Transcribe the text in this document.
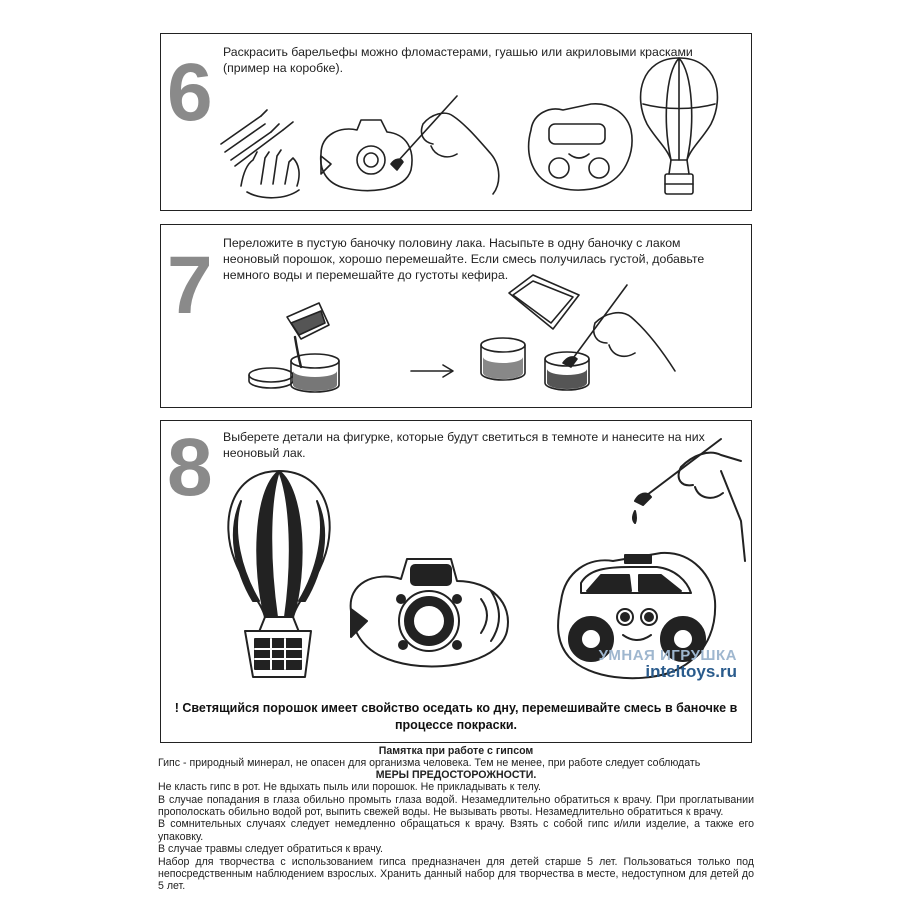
6 Раскрасить барельефы можно фломастерами, гуашью или акриловыми красками (пример на коробке).
7 Переложите в пустую баночку половину лака. Насыпьте в одну баночку с лаком неоновый порошок, хорошо перемешайте. Если смесь получилась густой, добавьте немного воды и перемешайте до густоты кефира.
8 Выберете детали на фигурке, которые будут светиться в темноте и нанесите на них неоновый лак.
УМНАЯ ИГРУШКА
inteltoys.ru
! Светящийся порошок имеет свойство оседать ко дну, перемешивайте смесь в баночке в процессе покраски.
Памятка при работе с гипсом

Гипс - природный минерал, не опасен для организма человека. Тем не менее, при работе следует соблюдать

МЕРЫ ПРЕДОСТОРОЖНОСТИ.

Не класть гипс в рот. Не вдыхать пыль или порошок. Не прикладывать к телу.

В случае попадания в глаза обильно промыть глаза водой. Незамедлительно обратиться к врачу. При проглатывании прополоскать обильно водой рот, выпить свежей воды. Не вызывать рвоты. Незамедлительно обратиться к врачу.

В сомнительных случаях следует немедленно обращаться к врачу. Взять с собой гипс и/или изделие, а также его упаковку.

В случае травмы следует обратиться к врачу.

Набор для творчества с использованием гипса предназначен для детей старше 5 лет. Пользоваться только под непосредственным наблюдением взрослых. Хранить данный набор для творчества в месте, недоступном для детей до 5 лет.
